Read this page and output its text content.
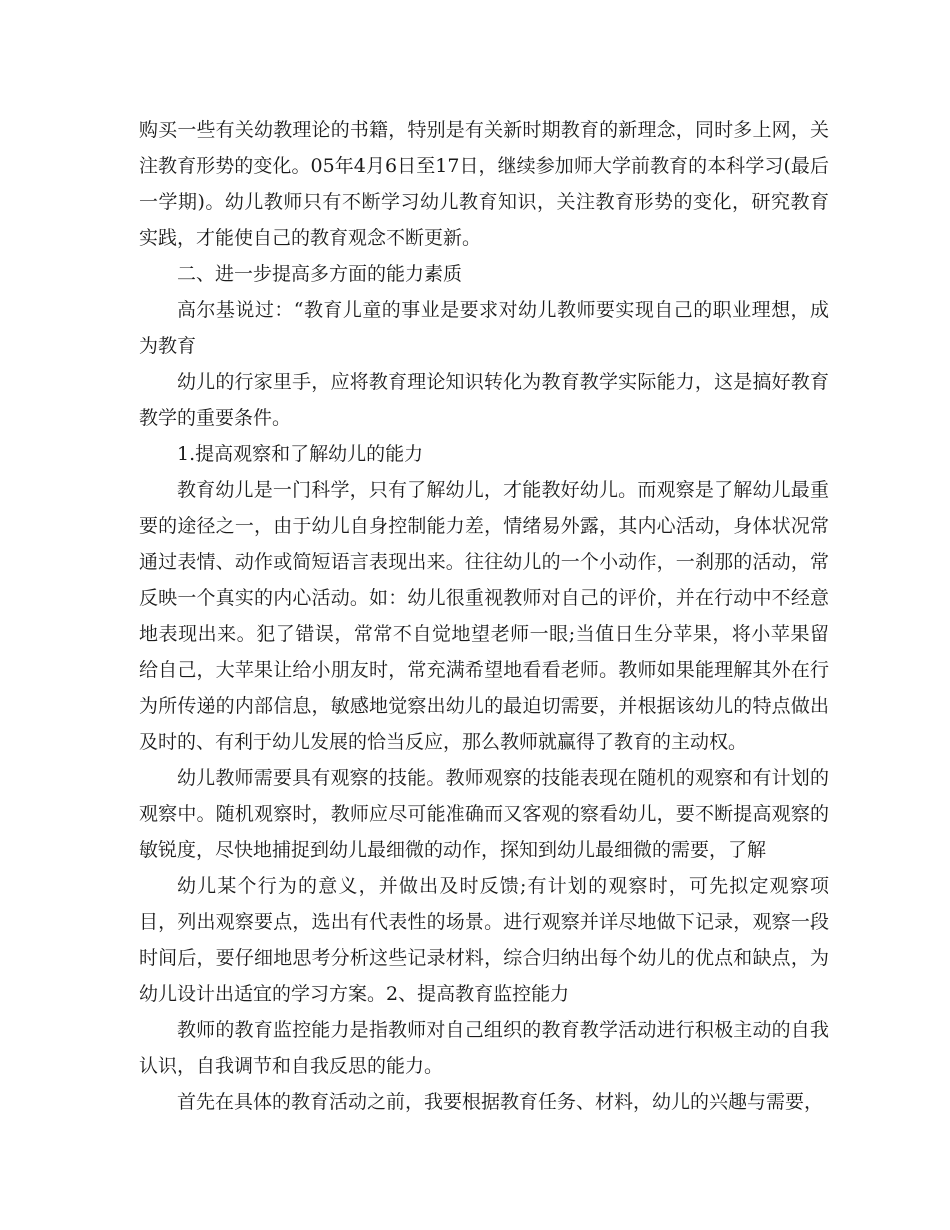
购买一些有关幼教理论的书籍，特别是有关新时期教育的新理念，同时多上网，关注教育形势的变化。05年4月6日至17日，继续参加师大学前教育的本科学习(最后一学期)。幼儿教师只有不断学习幼儿教育知识，关注教育形势的变化，研究教育实践，才能使自己的教育观念不断更新。

二、进一步提高多方面的能力素质

高尔基说过：“教育儿童的事业是要求对幼儿教师要实现自己的职业理想，成为教育

幼儿的行家里手，应将教育理论知识转化为教育教学实际能力，这是搞好教育教学的重要条件。

1.提高观察和了解幼儿的能力

教育幼儿是一门科学，只有了解幼儿，才能教好幼儿。而观察是了解幼儿最重要的途径之一，由于幼儿自身控制能力差，情绪易外露，其内心活动，身体状况常通过表情、动作或简短语言表现出来。往往幼儿的一个小动作，一刹那的活动，常反映一个真实的内心活动。如：幼儿很重视教师对自己的评价，并在行动中不经意地表现出来。犯了错误，常常不自觉地望老师一眼;当值日生分苹果，将小苹果留给自己，大苹果让给小朋友时，常充满希望地看看老师。教师如果能理解其外在行为所传递的内部信息，敏感地觉察出幼儿的最迫切需要，并根据该幼儿的特点做出及时的、有利于幼儿发展的恰当反应，那么教师就赢得了教育的主动权。

幼儿教师需要具有观察的技能。教师观察的技能表现在随机的观察和有计划的观察中。随机观察时，教师应尽可能准确而又客观的察看幼儿，要不断提高观察的敏锐度，尽快地捕捉到幼儿最细微的动作，探知到幼儿最细微的需要，了解

幼儿某个行为的意义，并做出及时反馈;有计划的观察时，可先拟定观察项目，列出观察要点，选出有代表性的场景。进行观察并详尽地做下记录，观察一段时间后，要仔细地思考分析这些记录材料，综合归纳出每个幼儿的优点和缺点，为幼儿设计出适宜的学习方案。2、提高教育监控能力

教师的教育监控能力是指教师对自己组织的教育教学活动进行积极主动的自我认识，自我调节和自我反思的能力。

首先在具体的教育活动之前，我要根据教育任务、材料，幼儿的兴趣与需要，
